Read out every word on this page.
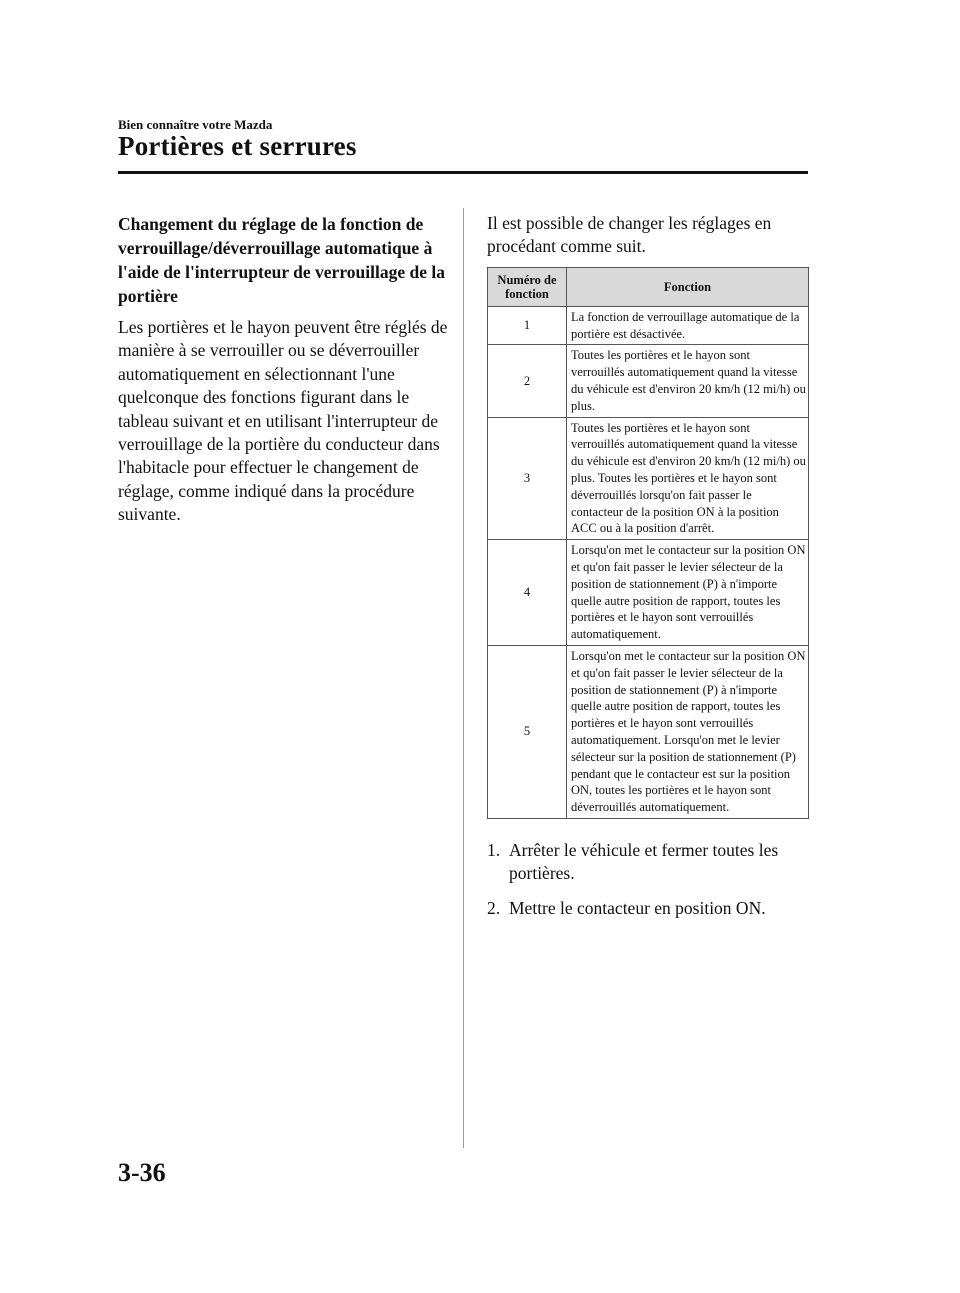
Bien connaître votre Mazda
Portières et serrures

Changement du réglage de la fonction de verrouillage/déverrouillage automatique à l'aide de l'interrupteur de verrouillage de la portière

Les portières et le hayon peuvent être réglés de manière à se verrouiller ou se déverrouiller automatiquement en sélectionnant l'une quelconque des fonctions figurant dans le tableau suivant et en utilisant l'interrupteur de verrouillage de la portière du conducteur dans l'habitacle pour effectuer le changement de réglage, comme indiqué dans la procédure suivante.

Il est possible de changer les réglages en procédant comme suit.

Numéro de fonction	Fonction
1	La fonction de verrouillage automatique de la portière est désactivée.
2	Toutes les portières et le hayon sont verrouillés automatiquement quand la vitesse du véhicule est d'environ 20 km/h (12 mi/h) ou plus.
3	Toutes les portières et le hayon sont verrouillés automatiquement quand la vitesse du véhicule est d'environ 20 km/h (12 mi/h) ou plus. Toutes les portières et le hayon sont déverrouillés lorsqu'on fait passer le contacteur de la position ON à la position ACC ou à la position d'arrêt.
4	Lorsqu'on met le contacteur sur la position ON et qu'on fait passer le levier sélecteur de la position de stationnement (P) à n'importe quelle autre position de rapport, toutes les portières et le hayon sont verrouillés automatiquement.
5	Lorsqu'on met le contacteur sur la position ON et qu'on fait passer le levier sélecteur de la position de stationnement (P) à n'importe quelle autre position de rapport, toutes les portières et le hayon sont verrouillés automatiquement. Lorsqu'on met le levier sélecteur sur la position de stationnement (P) pendant que le contacteur est sur la position ON, toutes les portières et le hayon sont déverrouillés automatiquement.
1. Arrêter le véhicule et fermer toutes les portières.
2. Mettre le contacteur en position ON.
3-36
